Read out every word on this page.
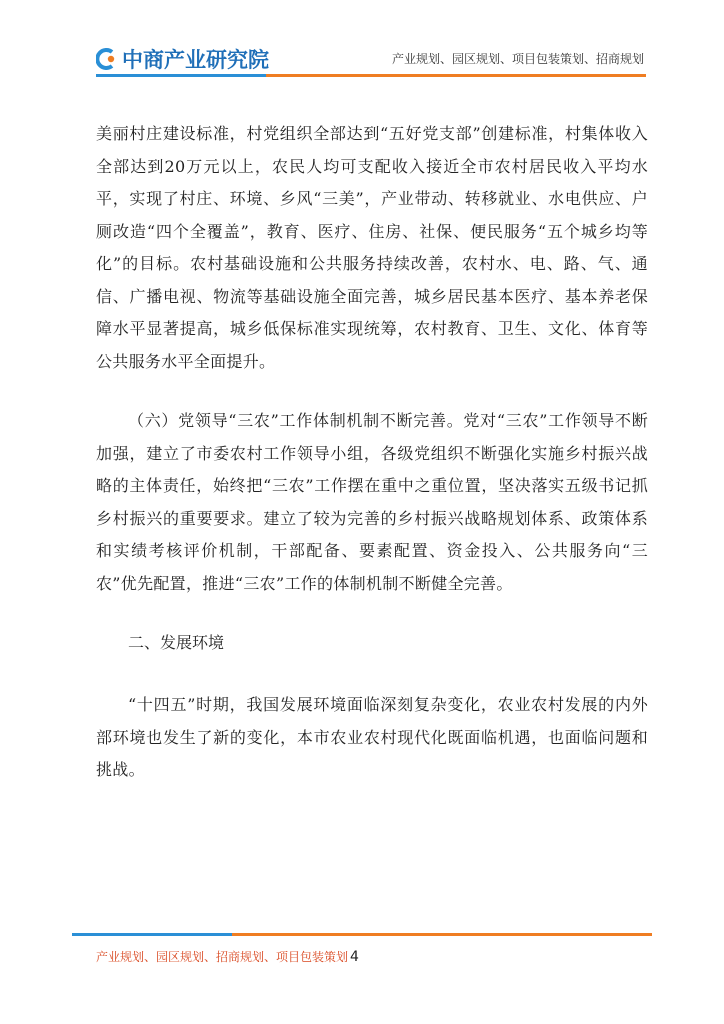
中商产业研究院	产业规划、园区规划、项目包装策划、招商规划

美丽村庄建设标准，村党组织全部达到“五好党支部”创建标准，村集体收入全部达到20万元以上，农民人均可支配收入接近全市农村居民收入平均水平，实现了村庄、环境、乡风“三美”，产业带动、转移就业、水电供应、户厕改造“四个全覆盖”，教育、医疗、住房、社保、便民服务“五个城乡均等化”的目标。农村基础设施和公共服务持续改善，农村水、电、路、气、通信、广播电视、物流等基础设施全面完善，城乡居民基本医疗、基本养老保障水平显著提高，城乡低保标准实现统筹，农村教育、卫生、文化、体育等公共服务水平全面提升。

（六）党领导“三农”工作体制机制不断完善。党对“三农”工作领导不断加强，建立了市委农村工作领导小组，各级党组织不断强化实施乡村振兴战略的主体责任，始终把“三农”工作摆在重中之重位置，坚决落实五级书记抓乡村振兴的重要要求。建立了较为完善的乡村振兴战略规划体系、政策体系和实绩考核评价机制，干部配备、要素配置、资金投入、公共服务向“三农”优先配置，推进“三农”工作的体制机制不断健全完善。

二、发展环境

“十四五”时期，我国发展环境面临深刻复杂变化，农业农村发展的内外部环境也发生了新的变化，本市农业农村现代化既面临机遇，也面临问题和挑战。

产业规划、园区规划、招商规划、项目包装策划 4
